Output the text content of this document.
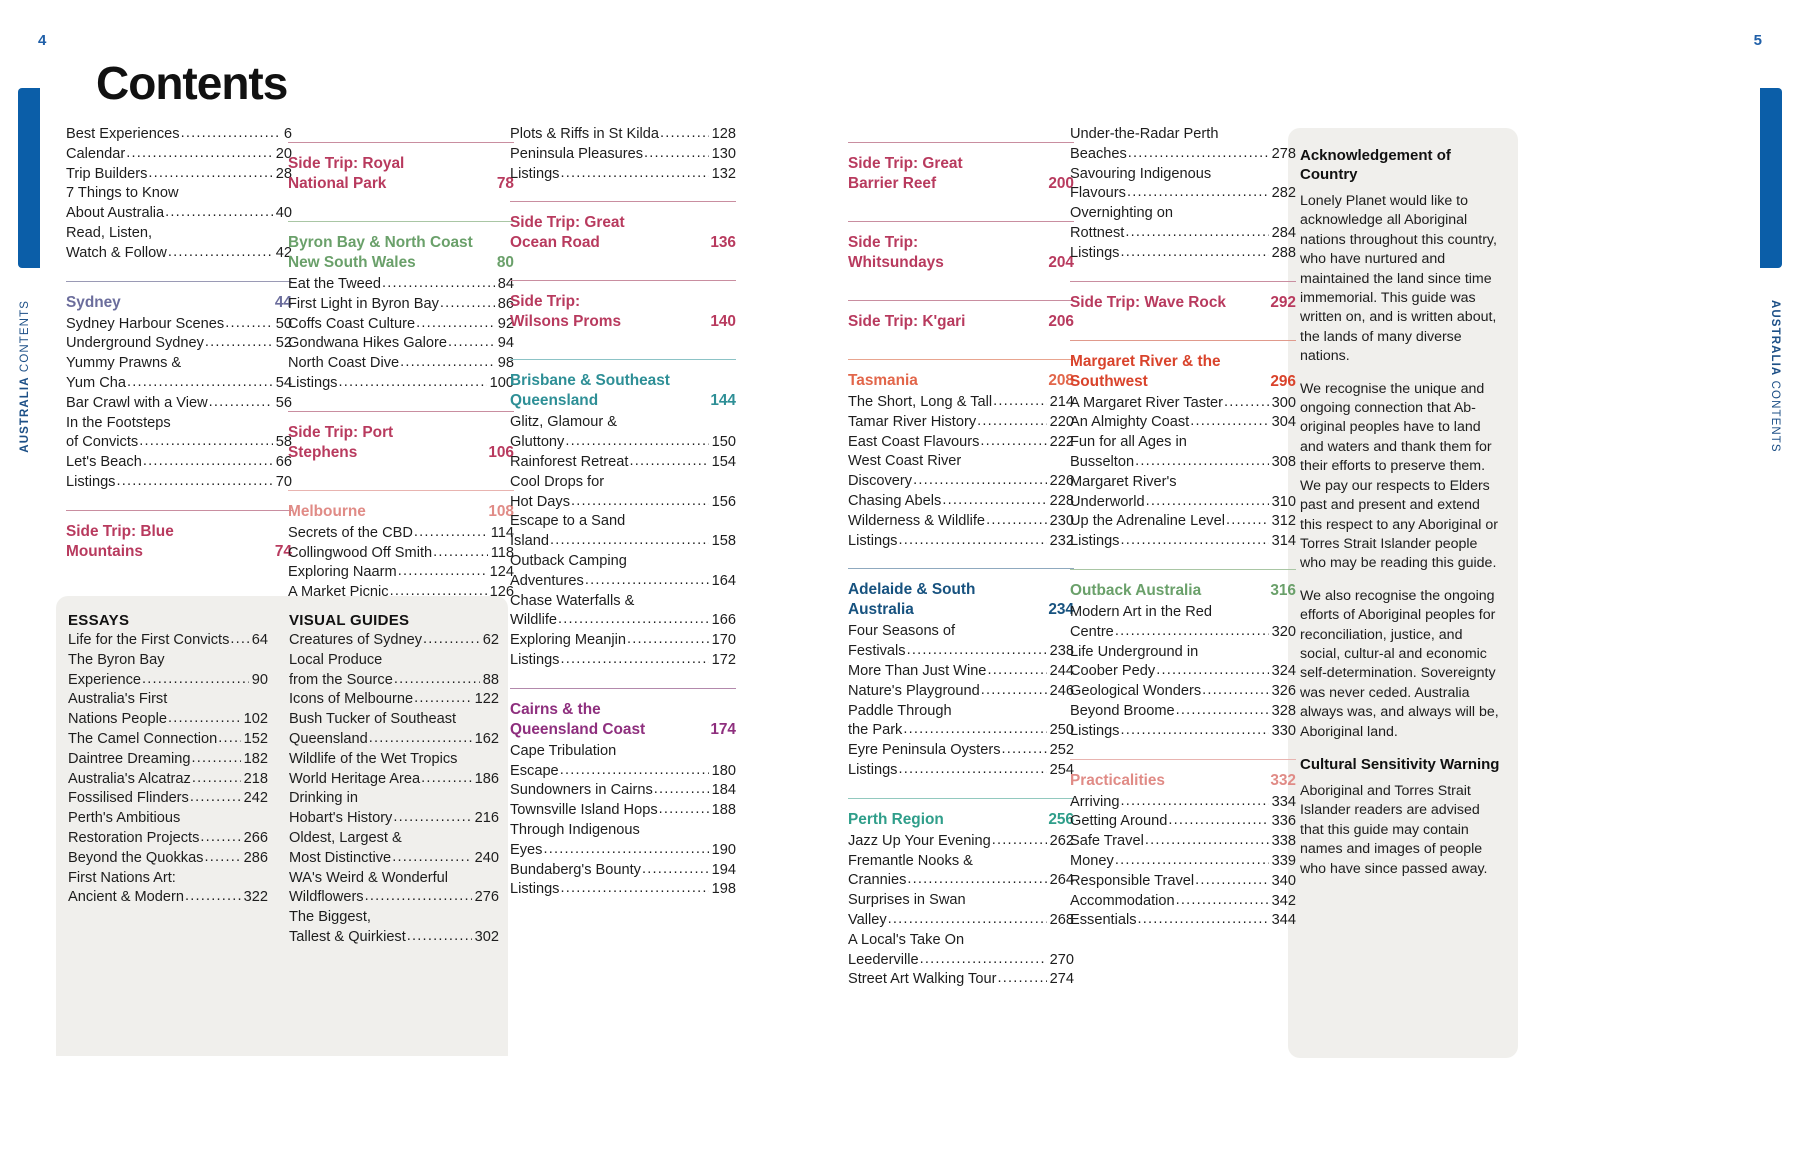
4	5
AUSTRALIA CONTENTS	AUSTRALIA CONTENTS
Contents
Best Experiences .....	6
Calendar .....	20
Trip Builders .....	28
7 Things to Know
About Australia .....	40
Read, Listen,
Watch & Follow .....	42
Sydney	44
Sydney Harbour Scenes .....	50
Underground Sydney .....	52
Yummy Prawns &
Yum Cha .....	54
Bar Crawl with a View .....	56
In the Footsteps
of Convicts .....	58
Let's Beach .....	66
Listings .....	70
Side Trip: Blue
Mountains	74
Side Trip: Royal
National Park	78
Byron Bay & North Coast
New South Wales	80
Eat the Tweed .....	84
First Light in Byron Bay .....	86
Coffs Coast Culture .....	92
Gondwana Hikes Galore .....	94
North Coast Dive .....	98
Listings .....	100
Side Trip: Port
Stephens	106
Melbourne	108
Secrets of the CBD .....	114
Collingwood Off Smith .....	118
Exploring Naarm .....	124
A Market Picnic .....	126
Plots & Riffs in St Kilda .....	128
Peninsula Pleasures .....	130
Listings .....	132
Side Trip: Great
Ocean Road	136
Side Trip:
Wilsons Proms	140
Brisbane & Southeast
Queensland	144
Glitz, Glamour &
Gluttony .....	150
Rainforest Retreat .....	154
Cool Drops for
Hot Days .....	156
Escape to a Sand
Island .....	158
Outback Camping
Adventures .....	164
Chase Waterfalls &
Wildlife .....	166
Exploring Meanjin .....	170
Listings .....	172
Cairns & the
Queensland Coast	174
Cape Tribulation
Escape .....	180
Sundowners in Cairns .....	184
Townsville Island Hops .....	188
Through Indigenous
Eyes .....	190
Bundaberg's Bounty .....	194
Listings .....	198
Side Trip: Great
Barrier Reef	200
Side Trip:
Whitsundays	204
Side Trip: K'gari	206
Tasmania	208
The Short, Long & Tall .....	214
Tamar River History .....	220
East Coast Flavours .....	222
West Coast River
Discovery .....	226
Chasing Abels .....	228
Wilderness & Wildlife .....	230
Listings .....	232
Adelaide & South
Australia	234
Four Seasons of
Festivals .....	238
More Than Just Wine .....	244
Nature's Playground .....	246
Paddle Through
the Park .....	250
Eyre Peninsula Oysters .....	252
Listings .....	254
Perth Region	256
Jazz Up Your Evening .....	262
Fremantle Nooks &
Crannies .....	264
Surprises in Swan
Valley .....	268
A Local's Take On
Leederville .....	270
Street Art Walking Tour .....	274
Under-the-Radar Perth
Beaches .....	278
Savouring Indigenous
Flavours .....	282
Overnighting on
Rottnest .....	284
Listings .....	288
Side Trip: Wave Rock	292
Margaret River & the
Southwest	296
A Margaret River Taster .....	300
An Almighty Coast .....	304
Fun for all Ages in
Busselton .....	308
Margaret River's
Underworld .....	310
Up the Adrenaline Level .....	312
Listings .....	314
Outback Australia	316
Modern Art in the Red
Centre .....	320
Life Underground in
Coober Pedy .....	324
Geological Wonders .....	326
Beyond Broome .....	328
Listings .....	330
Practicalities	332
Arriving .....	334
Getting Around .....	336
Safe Travel .....	338
Money .....	339
Responsible Travel .....	340
Accommodation .....	342
Essentials .....	344
ESSAYS
Life for the First Convicts ..... 64
The Byron Bay
Experience .....	90
Australia's First
Nations People .....	102
The Camel Connection ..... 152
Daintree Dreaming .....	182
Australia's Alcatraz .....	218
Fossilised Flinders .....	242
Perth's Ambitious
Restoration Projects .....	266
Beyond the Quokkas .....	286
First Nations Art:
Ancient & Modern .....	322
VISUAL GUIDES
Creatures of Sydney .....	62
Local Produce
from the Source .....	88
Icons of Melbourne .....	122
Bush Tucker of Southeast
Queensland .....	162
Wildlife of the Wet Tropics
World Heritage Area .....	186
Drinking in
Hobart's History .....	216
Oldest, Largest &
Most Distinctive .....	240
WA's Weird & Wonderful
Wildflowers .....	276
The Biggest,
Tallest & Quirkiest .....	302
Acknowledgement of Country

Lonely Planet would like to acknowledge all Aboriginal nations throughout this country, who have nurtured and maintained the land since time immemorial. This guide was written on, and is written about, the lands of many diverse nations.

We recognise the unique and ongoing connection that Ab-original peoples have to land and waters and thank them for their efforts to preserve them. We pay our respects to Elders past and present and extend this respect to any Aboriginal or Torres Strait Islander people who may be reading this guide.

We also recognise the ongoing efforts of Aboriginal peoples for reconciliation, justice, and social, cultur-al and economic self-determination. Sovereignty was never ceded. Australia always was, and always will be, Aboriginal land.

Cultural Sensitivity Warning

Aboriginal and Torres Strait Islander readers are advised that this guide may contain names and images of people who have since passed away.
